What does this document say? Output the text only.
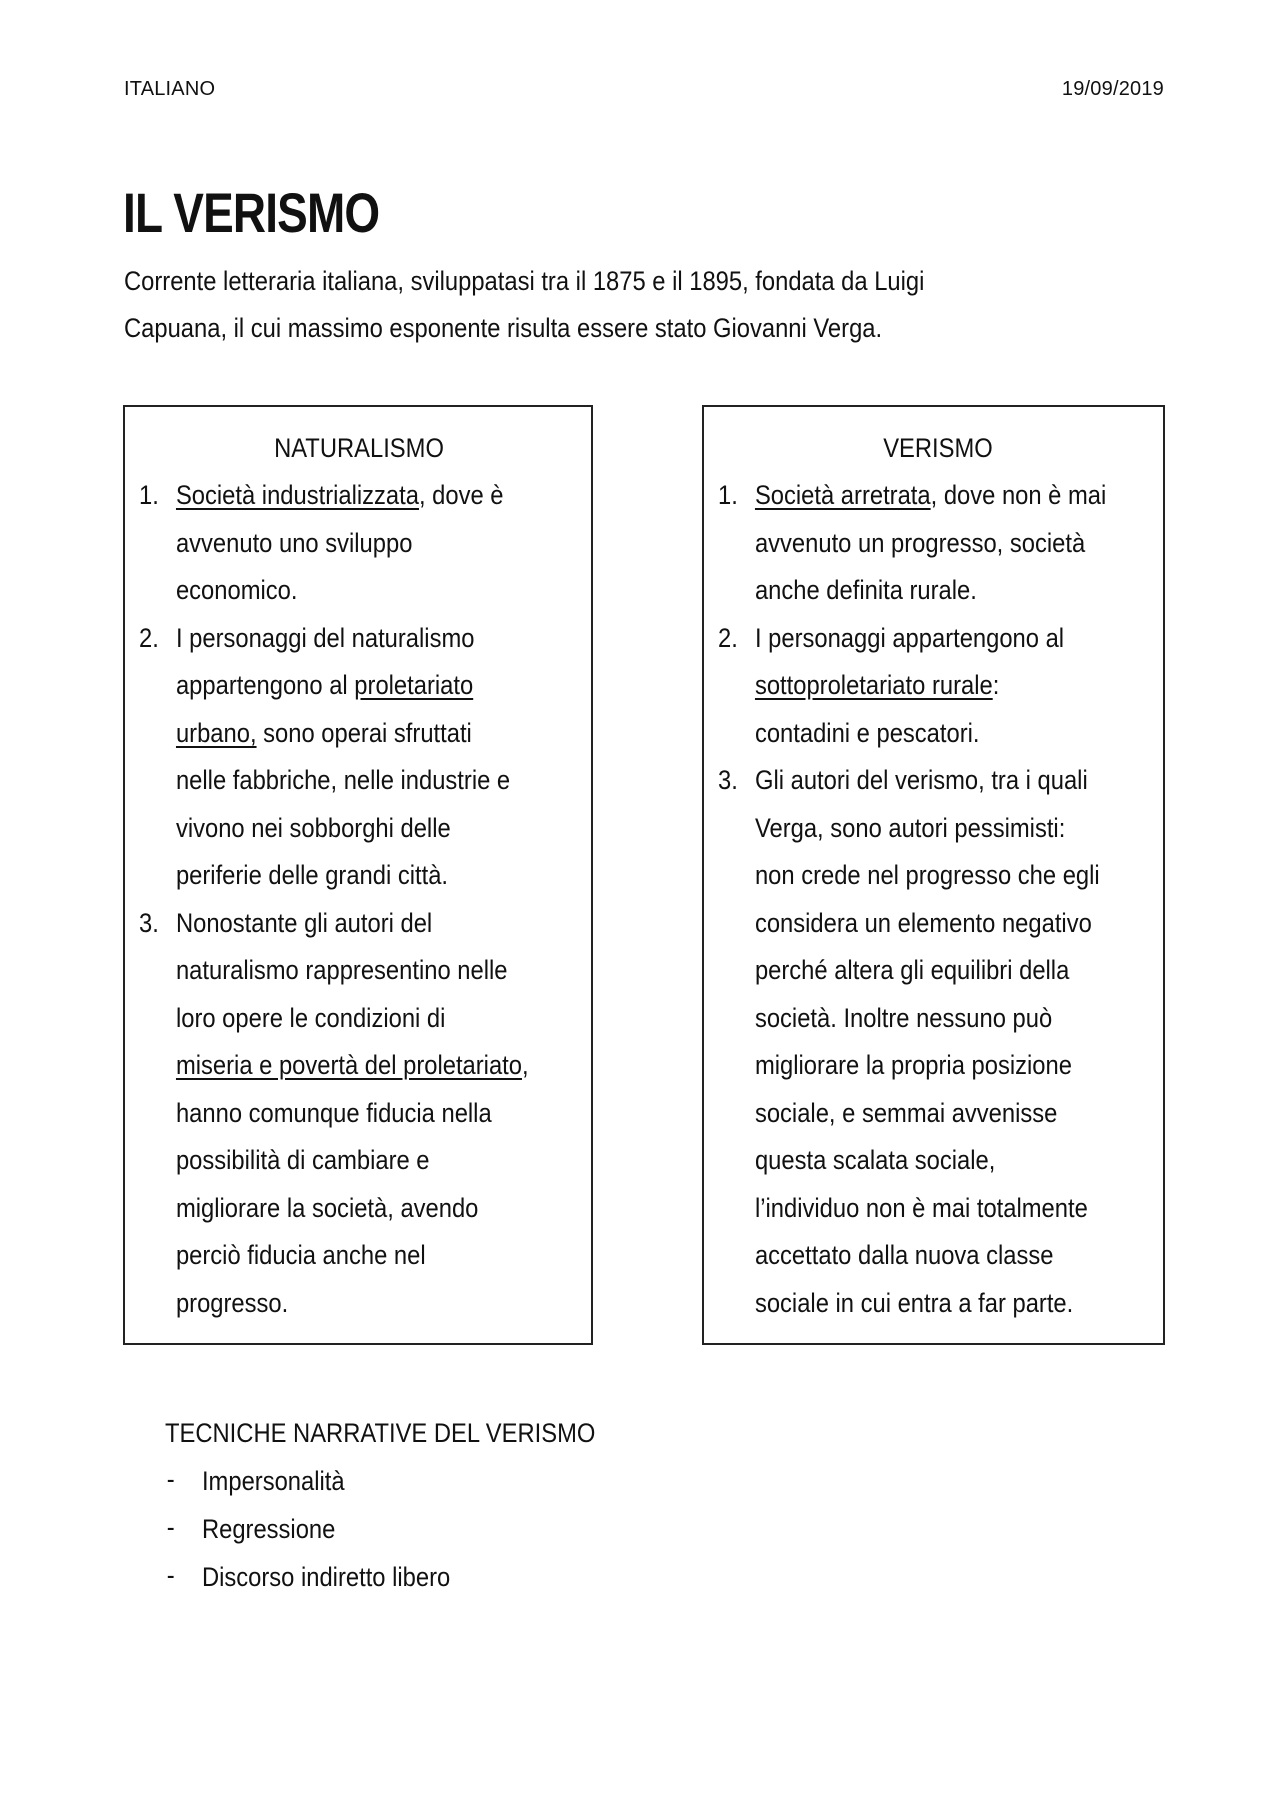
ITALIANO	19/09/2019
IL VERISMO

Corrente letteraria italiana, sviluppatasi tra il 1875 e il 1895, fondata da Luigi
Capuana, il cui massimo esponente risulta essere stato Giovanni Verga.

NATURALISMO

1. Società industrializzata, dove è
avvenuto uno sviluppo
economico.
2. I personaggi del naturalismo
appartengono al proletariato
urbano, sono operai sfruttati
nelle fabbriche, nelle industrie e
vivono nei sobborghi delle
periferie delle grandi città.
3. Nonostante gli autori del
naturalismo rappresentino nelle
loro opere le condizioni di
miseria e povertà del proletariato,
hanno comunque fiducia nella
possibilità di cambiare e
migliorare la società, avendo
perciò fiducia anche nel
progresso.

VERISMO

1. Società arretrata, dove non è mai
avvenuto un progresso, società
anche definita rurale.
2. I personaggi appartengono al
sottoproletariato rurale:
contadini e pescatori.
3. Gli autori del verismo, tra i quali
Verga, sono autori pessimisti:
non crede nel progresso che egli
considera un elemento negativo
perché altera gli equilibri della
società. Inoltre nessuno può
migliorare la propria posizione
sociale, e semmai avvenisse
questa scalata sociale,
l’individuo non è mai totalmente
accettato dalla nuova classe
sociale in cui entra a far parte.

TECNICHE NARRATIVE DEL VERISMO

- Impersonalità
- Regressione
- Discorso indiretto libero
